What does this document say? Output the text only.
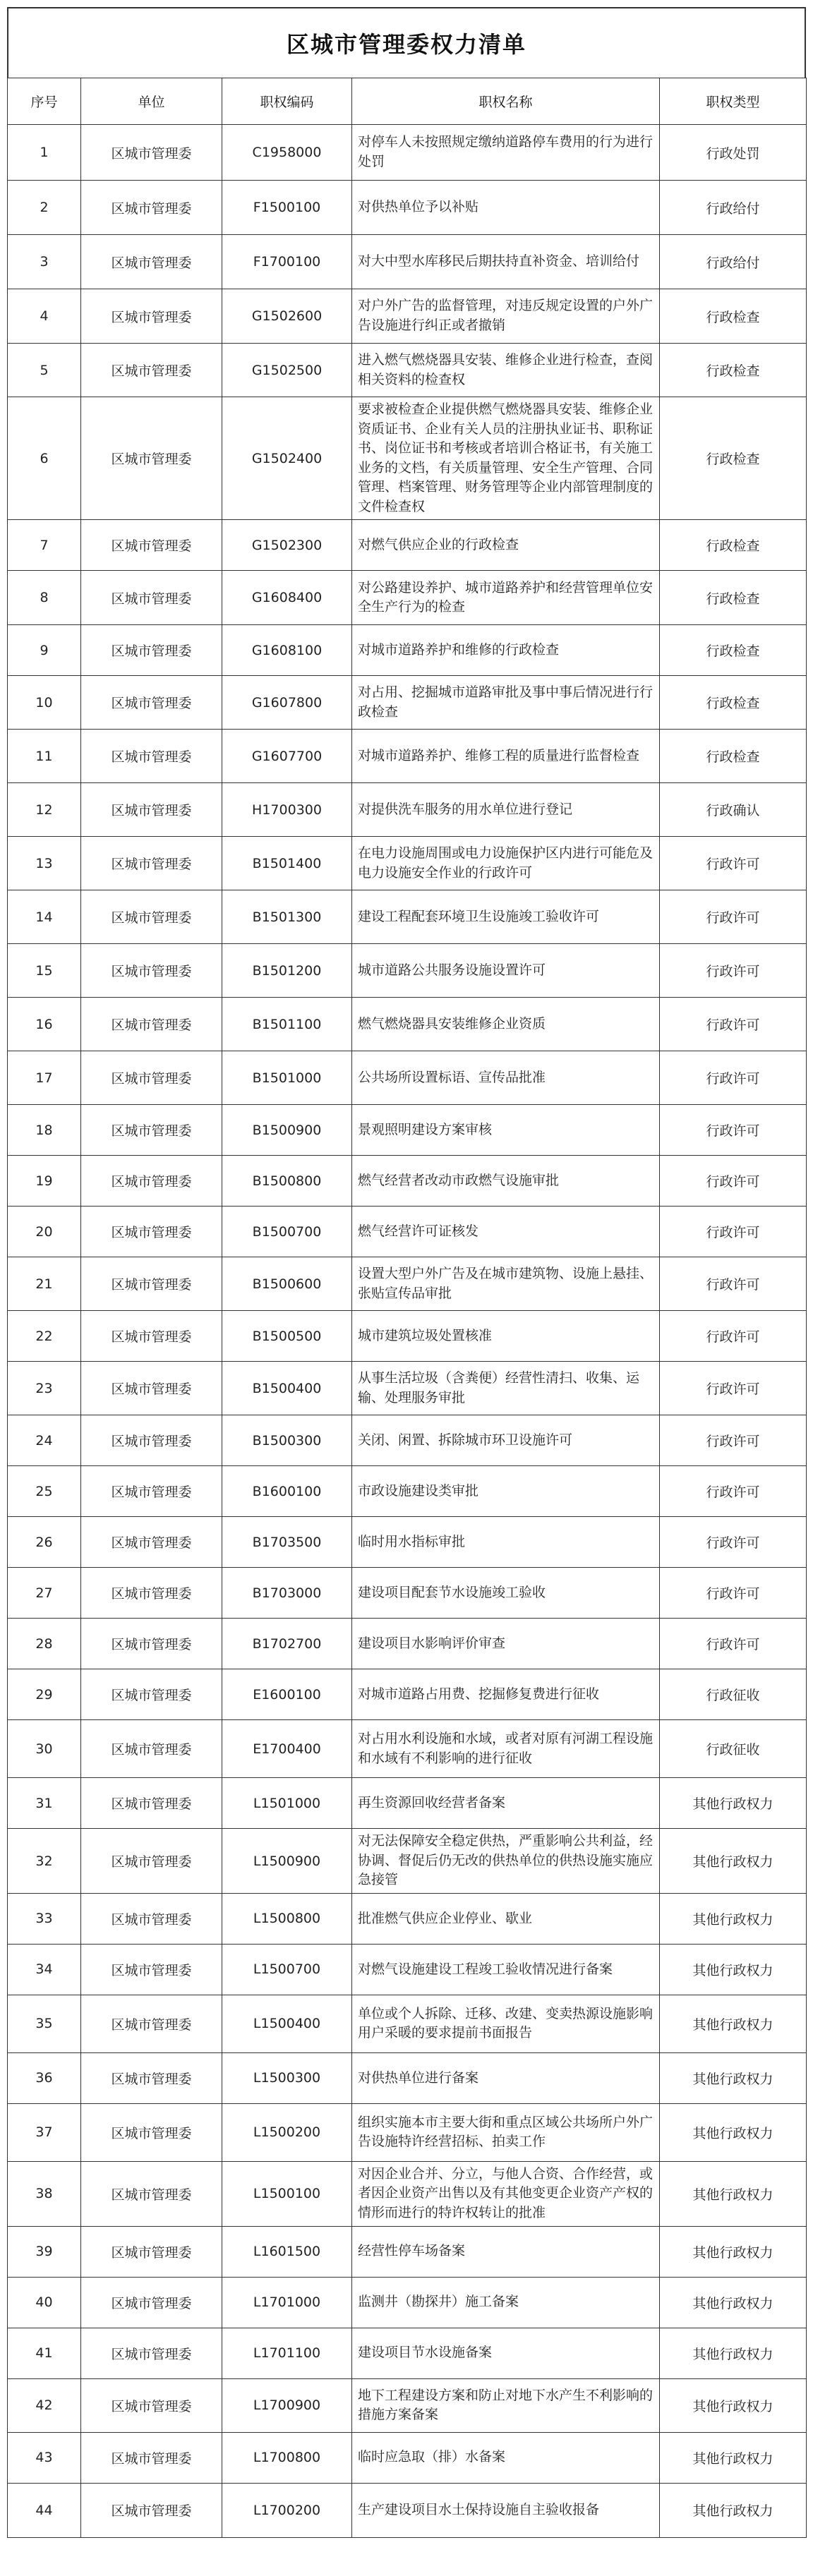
区城市管理委权力清单
序号	单位	职权编码	职权名称	职权类型
1	区城市管理委	C1958000	对停车人未按照规定缴纳道路停车费用的行为进行处罚	行政处罚
2	区城市管理委	F1500100	对供热单位予以补贴	行政给付
3	区城市管理委	F1700100	对大中型水库移民后期扶持直补资金、培训给付	行政给付
4	区城市管理委	G1502600	对户外广告的监督管理，对违反规定设置的户外广告设施进行纠正或者撤销	行政检查
5	区城市管理委	G1502500	进入燃气燃烧器具安装、维修企业进行检查，查阅相关资料的检查权	行政检查
6	区城市管理委	G1502400	要求被检查企业提供燃气燃烧器具安装、维修企业资质证书、企业有关人员的注册执业证书、职称证书、岗位证书和考核或者培训合格证书，有关施工业务的文档，有关质量管理、安全生产管理、合同管理、档案管理、财务管理等企业内部管理制度的文件检查权	行政检查
7	区城市管理委	G1502300	对燃气供应企业的行政检查	行政检查
8	区城市管理委	G1608400	对公路建设养护、城市道路养护和经营管理单位安全生产行为的检查	行政检查
9	区城市管理委	G1608100	对城市道路养护和维修的行政检查	行政检查
10	区城市管理委	G1607800	对占用、挖掘城市道路审批及事中事后情况进行行政检查	行政检查
11	区城市管理委	G1607700	对城市道路养护、维修工程的质量进行监督检查	行政检查
12	区城市管理委	H1700300	对提供洗车服务的用水单位进行登记	行政确认
13	区城市管理委	B1501400	在电力设施周围或电力设施保护区内进行可能危及电力设施安全作业的行政许可	行政许可
14	区城市管理委	B1501300	建设工程配套环境卫生设施竣工验收许可	行政许可
15	区城市管理委	B1501200	城市道路公共服务设施设置许可	行政许可
16	区城市管理委	B1501100	燃气燃烧器具安装维修企业资质	行政许可
17	区城市管理委	B1501000	公共场所设置标语、宣传品批准	行政许可
18	区城市管理委	B1500900	景观照明建设方案审核	行政许可
19	区城市管理委	B1500800	燃气经营者改动市政燃气设施审批	行政许可
20	区城市管理委	B1500700	燃气经营许可证核发	行政许可
21	区城市管理委	B1500600	设置大型户外广告及在城市建筑物、设施上悬挂、张贴宣传品审批	行政许可
22	区城市管理委	B1500500	城市建筑垃圾处置核准	行政许可
23	区城市管理委	B1500400	从事生活垃圾（含粪便）经营性清扫、收集、运输、处理服务审批	行政许可
24	区城市管理委	B1500300	关闭、闲置、拆除城市环卫设施许可	行政许可
25	区城市管理委	B1600100	市政设施建设类审批	行政许可
26	区城市管理委	B1703500	临时用水指标审批	行政许可
27	区城市管理委	B1703000	建设项目配套节水设施竣工验收	行政许可
28	区城市管理委	B1702700	建设项目水影响评价审查	行政许可
29	区城市管理委	E1600100	对城市道路占用费、挖掘修复费进行征收	行政征收
30	区城市管理委	E1700400	对占用水利设施和水域，或者对原有河湖工程设施和水域有不利影响的进行征收	行政征收
31	区城市管理委	L1501000	再生资源回收经营者备案	其他行政权力
32	区城市管理委	L1500900	对无法保障安全稳定供热，严重影响公共利益，经协调、督促后仍无改的供热单位的供热设施实施应急接管	其他行政权力
33	区城市管理委	L1500800	批准燃气供应企业停业、歇业	其他行政权力
34	区城市管理委	L1500700	对燃气设施建设工程竣工验收情况进行备案	其他行政权力
35	区城市管理委	L1500400	单位或个人拆除、迁移、改建、变卖热源设施影响用户采暖的要求提前书面报告	其他行政权力
36	区城市管理委	L1500300	对供热单位进行备案	其他行政权力
37	区城市管理委	L1500200	组织实施本市主要大街和重点区域公共场所户外广告设施特许经营招标、拍卖工作	其他行政权力
38	区城市管理委	L1500100	对因企业合并、分立，与他人合资、合作经营，或者因企业资产出售以及有其他变更企业资产产权的情形而进行的特许权转让的批准	其他行政权力
39	区城市管理委	L1601500	经营性停车场备案	其他行政权力
40	区城市管理委	L1701000	监测井（勘探井）施工备案	其他行政权力
41	区城市管理委	L1701100	建设项目节水设施备案	其他行政权力
42	区城市管理委	L1700900	地下工程建设方案和防止对地下水产生不利影响的措施方案备案	其他行政权力
43	区城市管理委	L1700800	临时应急取（排）水备案	其他行政权力
44	区城市管理委	L1700200	生产建设项目水土保持设施自主验收报备	其他行政权力
